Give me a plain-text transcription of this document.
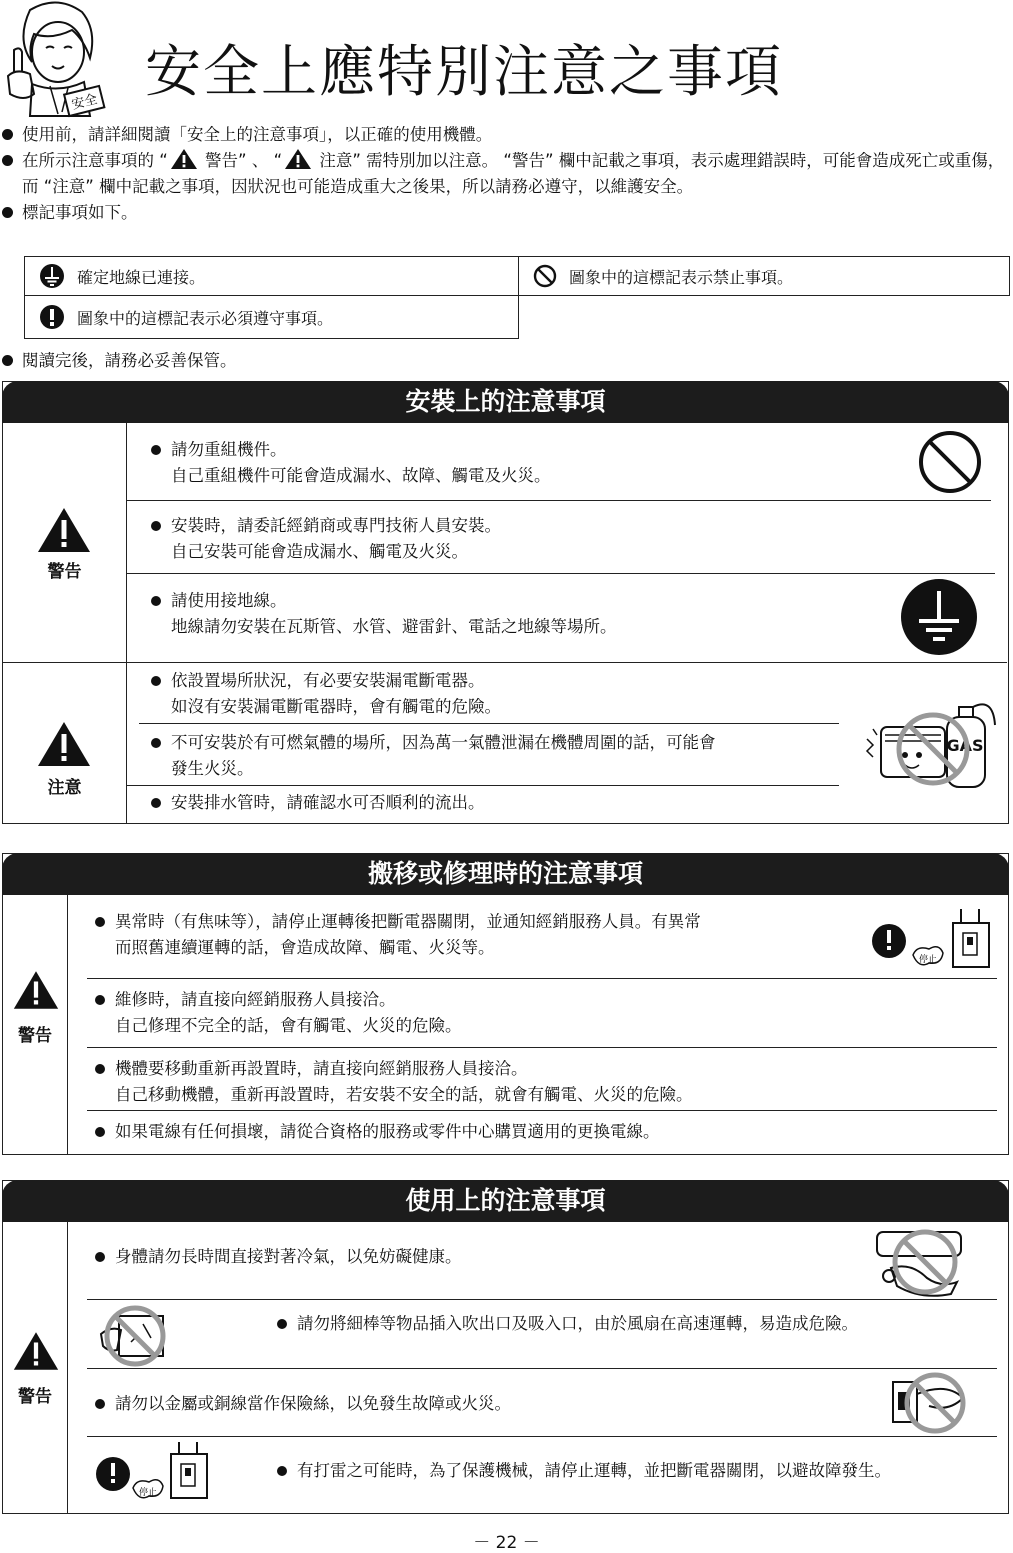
安全 安全上應特別注意之事項
使用前，請詳細閱讀「安全上的注意事項」，以正確的使用機體。
在所示注意事項的 “ 警告” 、 “ 注意” 需特別加以注意。 “警告” 欄中記載之事項，表示處理錯誤時，可能會造成死亡或重傷，而 “注意” 欄中記載之事項，因狀況也可能造成重大之後果，所以請務必遵守，以維護安全。
標記事項如下。
確定地線已連接。	圖象中的這標記表示禁止事項。
圖象中的這標記表示必須遵守事項。
閱讀完後，請務必妥善保管。
安裝上的注意事項
警告
請勿重組機件。
自己重組機件可能會造成漏水、故障、觸電及火災。
安裝時，請委託經銷商或專門技術人員安裝。
自己安裝可能會造成漏水、觸電及火災。
請使用接地線。
地線請勿安裝在瓦斯管、水管、避雷針、電話之地線等場所。
注意
依設置場所狀況，有必要安裝漏電斷電器。
如沒有安裝漏電斷電器時，會有觸電的危險。
不可安裝於有可燃氣體的場所，因為萬一氣體泄漏在機體周圍的話，可能會
發生火災。
安裝排水管時，請確認水可否順利的流出。
GAS
搬移或修理時的注意事項
警告
異常時（有焦味等），請停止運轉後把斷電器關閉，並通知經銷服務人員。有異常
而照舊連續運轉的話，會造成故障、觸電、火災等。
停止
維修時，請直接向經銷服務人員接洽。
自己修理不完全的話，會有觸電、火災的危險。
機體要移動重新再設置時，請直接向經銷服務人員接洽。
自己移動機體，重新再設置時，若安裝不安全的話，就會有觸電、火災的危險。
如果電線有任何損壞，請從合資格的服務或零件中心購買適用的更換電線。
使用上的注意事項
警告
身體請勿長時間直接對著冷氣，以免妨礙健康。
請勿將細棒等物品插入吹出口及吸入口，由於風扇在高速運轉，易造成危險。
請勿以金屬或銅線當作保險絲，以免發生故障或火災。
停止
有打雷之可能時，為了保護機械，請停止運轉，並把斷電器關閉，以避故障發生。
－ 22 －
